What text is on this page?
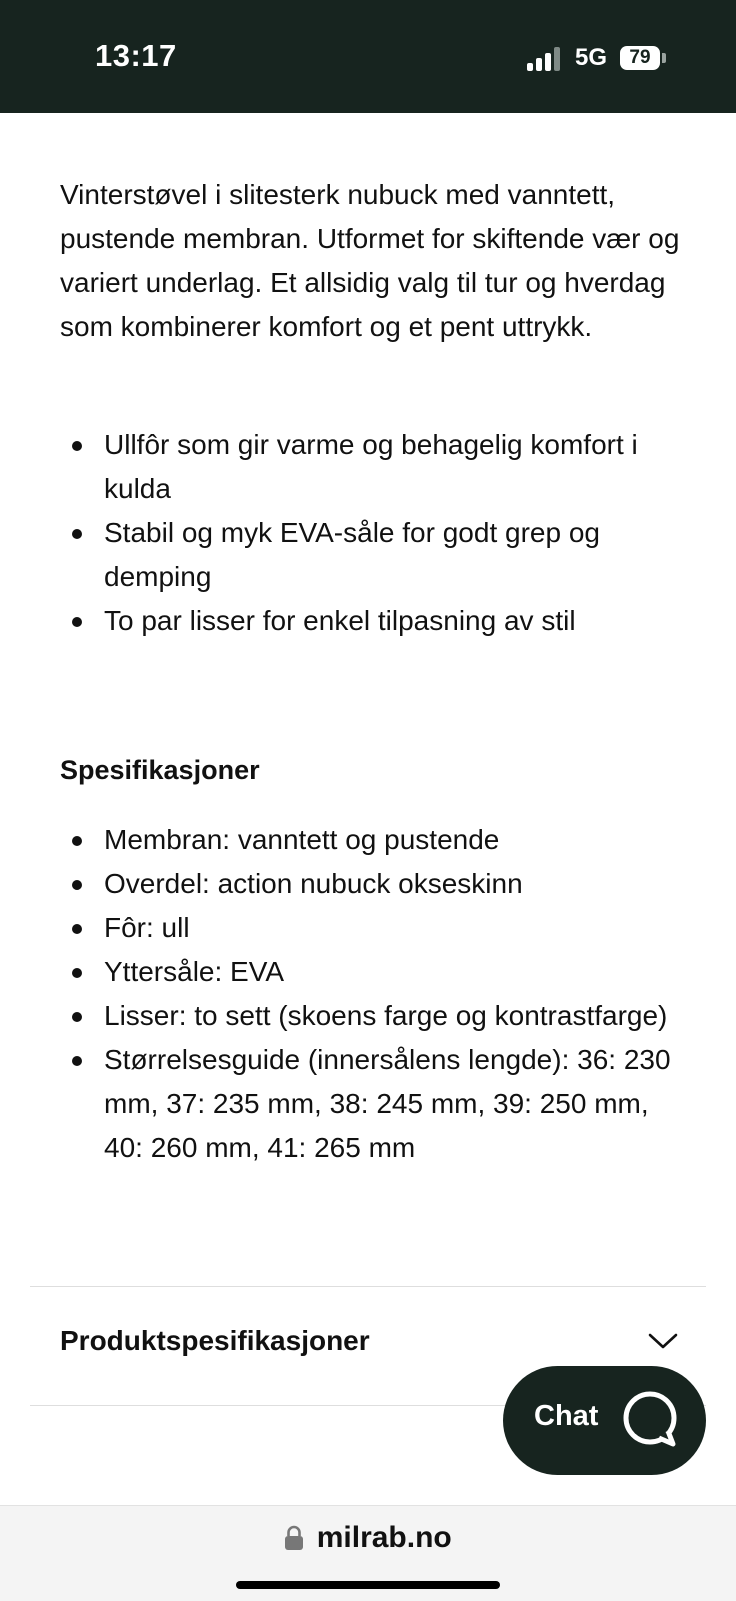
13:17	5G	79

Vinterstøvel i slitesterk nubuck med vanntett, pustende membran. Utformet for skiftende vær og variert underlag. Et allsidig valg til tur og hverdag som kombinerer komfort og et pent uttrykk.

Ullfôr som gir varme og behagelig komfort i kulda
Stabil og myk EVA-såle for godt grep og demping
To par lisser for enkel tilpasning av stil
Spesifikasjoner
Membran: vanntett og pustende
Overdel: action nubuck okseskinn
Fôr: ull
Yttersåle: EVA
Lisser: to sett (skoens farge og kontrastfarge)
Størrelsesguide (innersålens lengde): 36: 230 mm, 37: 235 mm, 38: 245 mm, 39: 250 mm, 40: 260 mm, 41: 265 mm
Produktspesifikasjoner
Chat
milrab.no
